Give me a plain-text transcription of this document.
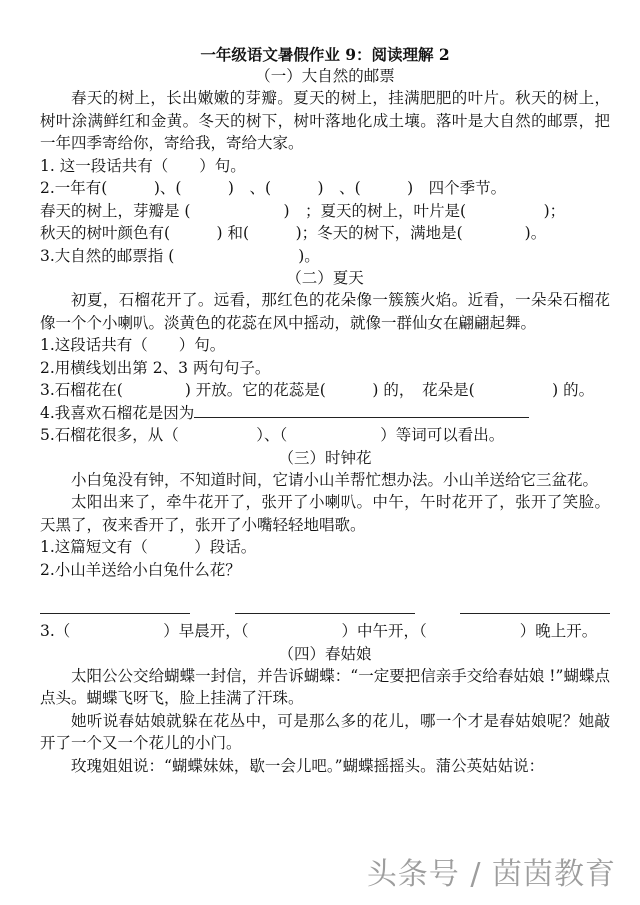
一年级语文暑假作业 9：阅读理解 2
（一）大自然的邮票

春天的树上，长出嫩嫩的芽瓣。夏天的树上，挂满肥肥的叶片。秋天的树上，树叶涂满鲜红和金黄。冬天的树下，树叶落地化成土壤。落叶是大自然的邮票，把一年四季寄给你，寄给我，寄给大家。

1. 这一段话共有（　　）句。
2.一年有(　　　)、(　　　)　、(　　　)　、(　　　)　四个季节。
春天的树上，芽瓣是 (　　　　　　)　；夏天的树上，叶片是(　　　　　)；
秋天的树叶颜色有(　　　) 和(　　　)；冬天的树下，满地是(　　　　)。
3.大自然的邮票指 (　　　　　　　　)。
（二）夏天

初夏，石榴花开了。远看，那红色的花朵像一簇簇火焰。近看，一朵朵石榴花像一个个小喇叭。淡黄色的花蕊在风中摇动，就像一群仙女在翩翩起舞。

1.这段话共有（　　）句。
2.用横线划出第 2、3 两句句子。
3.石榴花在(　　　　) 开放。它的花蕊是(　　　) 的，　花朵是(　　　　　) 的。
4.我喜欢石榴花是因为
5.石榴花很多，从（　　　　　）、（　　　　　　）等词可以看出。
（三）时钟花

小白兔没有钟，不知道时间，它请小山羊帮忙想办法。小山羊送给它三盆花。

太阳出来了，牵牛花开了，张开了小喇叭。中午，午时花开了，张开了笑脸。天黑了，夜来香开了，张开了小嘴轻轻地唱歌。

1.这篇短文有（　　　）段话。
2.小山羊送给小白兔什么花？
3.（　　　　　　）早晨开，（　　　　　　）中午开，（　　　　　　）晚上开。
（四）春姑娘

太阳公公交给蝴蝶一封信，并告诉蝴蝶：“一定要把信亲手交给春姑娘 !”蝴蝶点点头。蝴蝶飞呀飞，脸上挂满了汗珠。

她听说春姑娘就躲在花丛中，可是那么多的花儿，哪一个才是春姑娘呢？她敲开了一个又一个花儿的小门。

玫瑰姐姐说：“蝴蝶妹妹，歇一会儿吧。”蝴蝶摇摇头。蒲公英姑姑说：

头条号 / 茵茵教育
